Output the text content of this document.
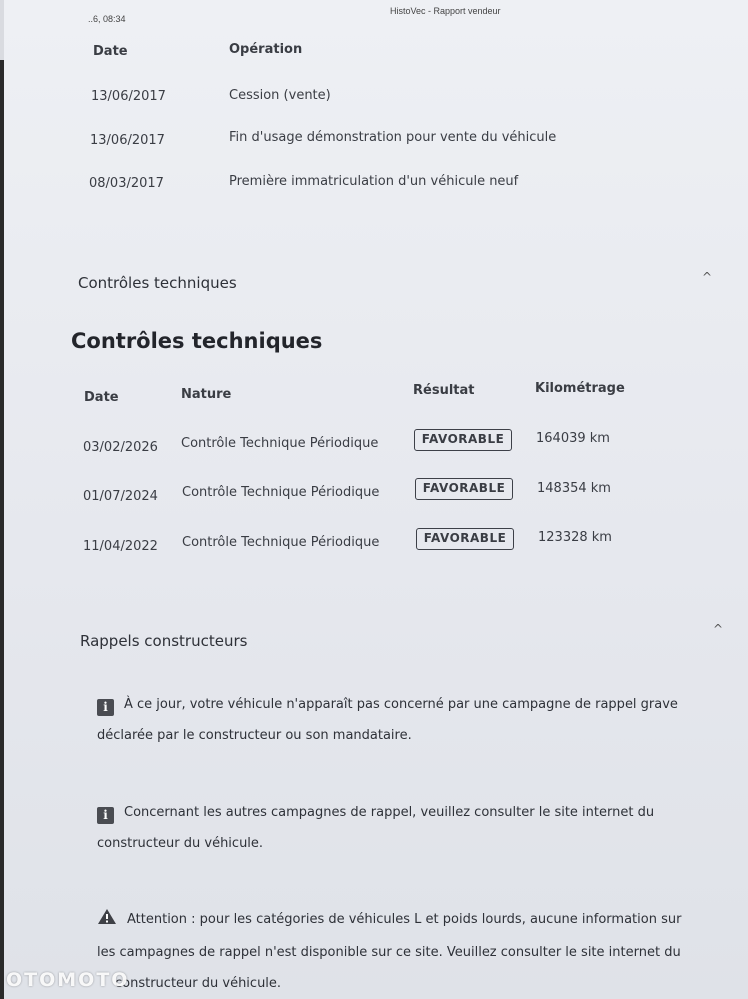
..6, 08:34
HistoVec - Rapport vendeur
Date	Opération
13/06/2017	Cession (vente)
13/06/2017	Fin d'usage démonstration pour vente du véhicule
08/03/2017	Première immatriculation d'un véhicule neuf
Contrôles techniques	^
Contrôles techniques
Date	Nature	Résultat	Kilométrage
03/02/2026 Contrôle Technique Périodique	FAVORABLE	164039 km
01/07/2024 Contrôle Technique Périodique	FAVORABLE	148354 km
11/04/2022 Contrôle Technique Périodique	FAVORABLE	123328 km
Rappels constructeurs
^
i À ce jour, votre véhicule n'apparaît pas concerné par une campagne de rappel grave
déclarée par le constructeur ou son mandataire.
i Concernant les autres campagnes de rappel, veuillez consulter le site internet du
constructeur du véhicule.
Attention : pour les catégories de véhicules L et poids lourds, aucune information sur
les campagnes de rappel n'est disponible sur ce site. Veuillez consulter le site internet du
constructeur du véhicule.
OTOMOTO
